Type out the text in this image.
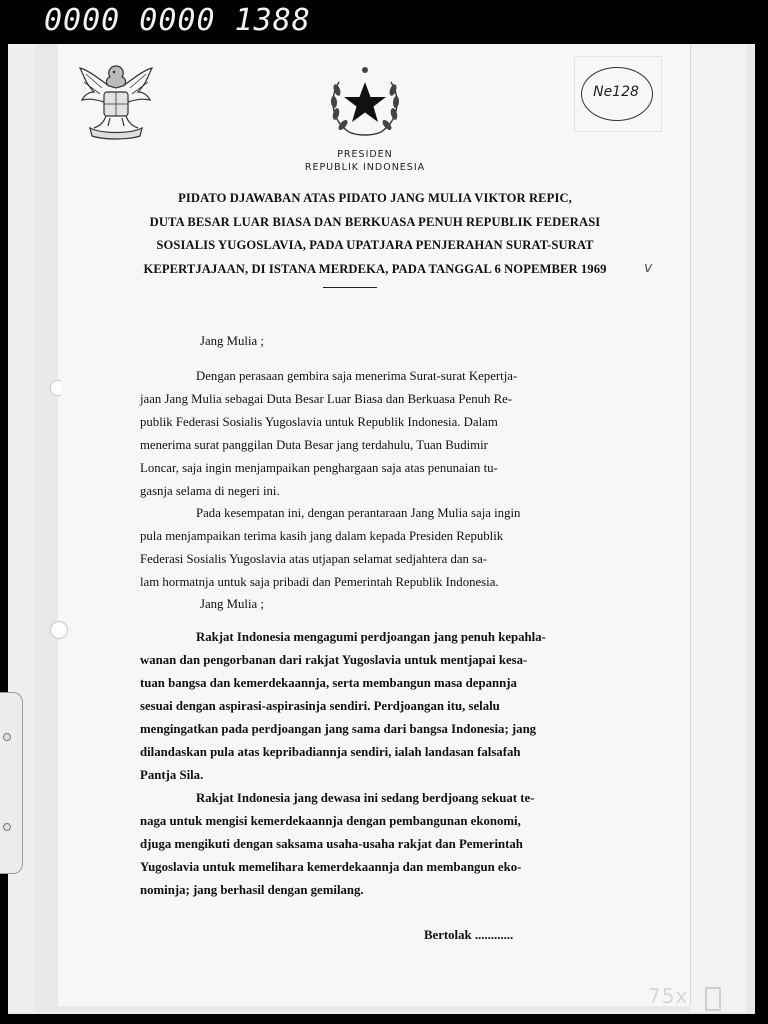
0000 0000 1388
Ne128
PRESIDEN
REPUBLIK INDONESIA
PIDATO DJAWABAN ATAS PIDATO JANG MULIA VIKTOR REPIC,
DUTA BESAR LUAR BIASA DAN BERKUASA PENUH REPUBLIK FEDERASI
SOSIALIS YUGOSLAVIA, PADA UPATJARA PENJERAHAN SURAT-SURAT
KEPERTJAJAAN, DI ISTANA MERDEKA, PADA TANGGAL 6 NOPEMBER 1969	v
Jang Mulia ;
Dengan perasaan gembira saja menerima Surat-surat Kepertja-
jaan Jang Mulia sebagai Duta Besar Luar Biasa dan Berkuasa Penuh Re-
publik Federasi Sosialis Yugoslavia untuk Republik Indonesia. Dalam
menerima surat panggilan Duta Besar jang terdahulu, Tuan Budimir
Loncar, saja ingin menjampaikan penghargaan saja atas penunaian tu-
gasnja selama di negeri ini.
Pada kesempatan ini, dengan perantaraan Jang Mulia saja ingin
pula menjampaikan terima kasih jang dalam kepada Presiden Republik
Federasi Sosialis Yugoslavia atas utjapan selamat sedjahtera dan sa-
lam hormatnja untuk saja pribadi dan Pemerintah Republik Indonesia.
Jang Mulia ;
Rakjat Indonesia mengagumi perdjoangan jang penuh kepahla-
wanan dan pengorbanan dari rakjat Yugoslavia untuk mentjapai kesa-
tuan bangsa dan kemerdekaannja, serta membangun masa depannja
sesuai dengan aspirasi-aspirasinja sendiri. Perdjoangan itu, selalu
mengingatkan pada perdjoangan jang sama dari bangsa Indonesia; jang
dilandaskan pula atas kepribadiannja sendiri, ialah landasan falsafah
Pantja Sila.
Rakjat Indonesia jang dewasa ini sedang berdjoang sekuat te-
naga untuk mengisi kemerdekaannja dengan pembangunan ekonomi,
djuga mengikuti dengan saksama usaha-usaha rakjat dan Pemerintah
Yugoslavia untuk memelihara kemerdekaannja dan membangun eko-
nominja; jang berhasil dengan gemilang.
Bertolak ............
75x
